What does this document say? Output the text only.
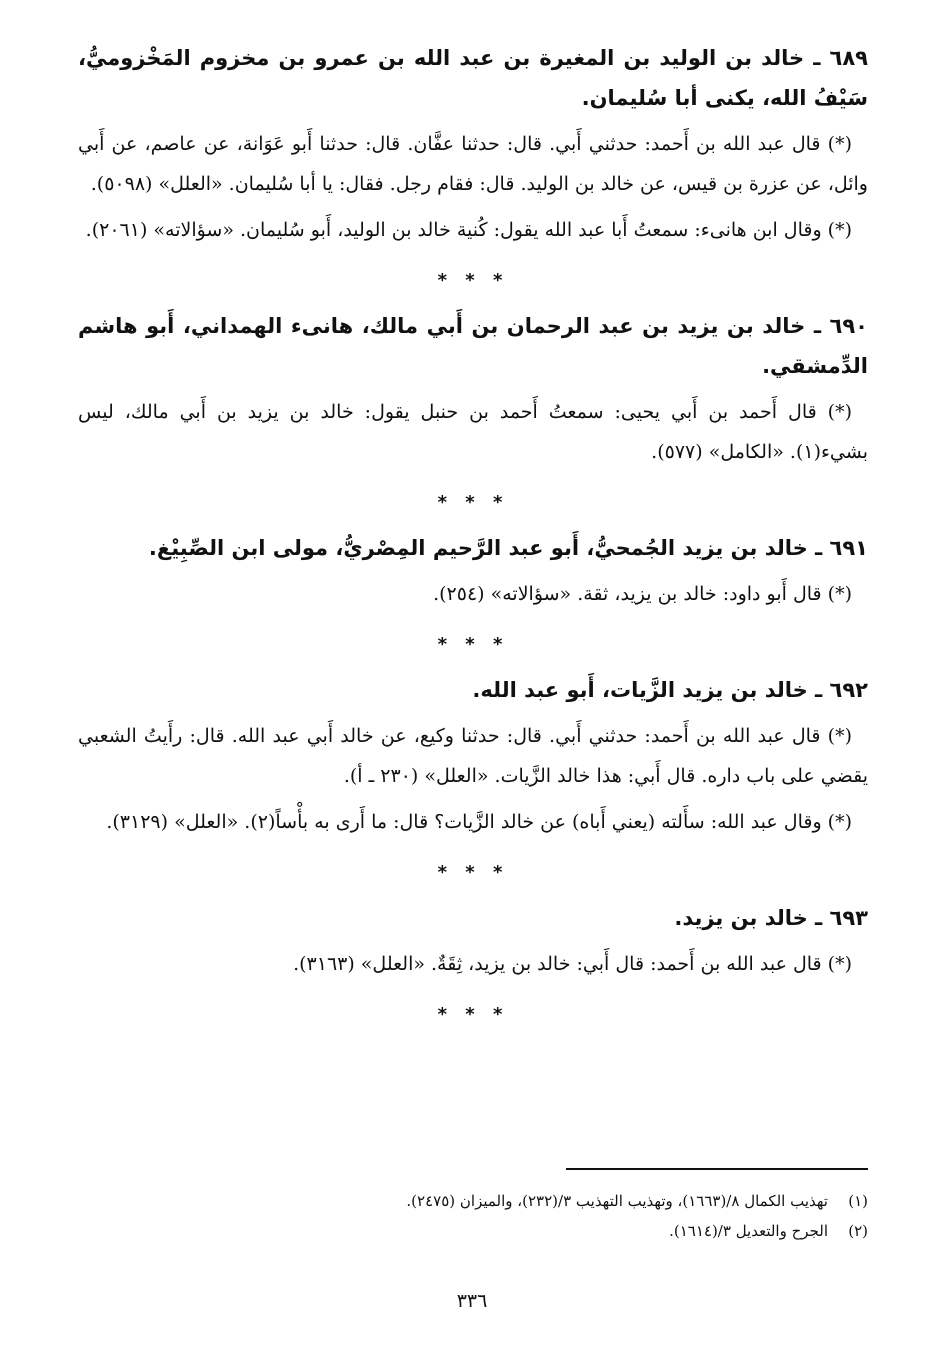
٦٨٩ ـ خالد بن الوليد بن المغيرة بن عبد الله بن عمرو بن مخزوم المَخْزوميُّ، سَيْفُ الله، يكنى أبا سُليمان.

(*) قال عبد الله بن أَحمد: حدثني أَبي. قال: حدثنا عفَّان. قال: حدثنا أَبو عَوَانة، عن عاصم، عن أَبي وائل، عن عزرة بن قيس، عن خالد بن الوليد. قال: فقام رجل. فقال: يا أبا سُليمان. «العلل» (٥٠٩٨).

(*) وقال ابن هانىء: سمعتُ أَبا عبد الله يقول: كُنية خالد بن الوليد، أَبو سُليمان. «سؤالاته» (٢٠٦١).

* * *

٦٩٠ ـ خالد بن يزيد بن عبد الرحمان بن أَبي مالك، هانىء الهمداني، أَبو هاشم الدِّمشقي.

(*) قال أَحمد بن أَبي يحيى: سمعتُ أَحمد بن حنبل يقول: خالد بن يزيد بن أَبي مالك، ليس بشيء(١). «الكامل» (٥٧٧).

* * *

٦٩١ ـ خالد بن يزيد الجُمحيُّ، أَبو عبد الرَّحيم المِصْريُّ، مولى ابن الصِّبِيْغ.

(*) قال أَبو داود: خالد بن يزيد، ثقة. «سؤالاته» (٢٥٤).

* * *

٦٩٢ ـ خالد بن يزيد الزَّيات، أَبو عبد الله.

(*) قال عبد الله بن أَحمد: حدثني أَبي. قال: حدثنا وكيع، عن خالد أَبي عبد الله. قال: رأَيتُ الشعبي يقضي على باب داره. قال أَبي: هذا خالد الزَّيات. «العلل» (٢٣٠ ـ أ).

(*) وقال عبد الله: سأَلته (يعني أَباه) عن خالد الزَّيات؟ قال: ما أَرى به بأْساً(٢). «العلل» (٣١٢٩).

* * *

٦٩٣ ـ خالد بن يزيد.

(*) قال عبد الله بن أَحمد: قال أَبي: خالد بن يزيد، ثِقَةٌ. «العلل» (٣١٦٣).

* * *

(١)تهذيب الكمال ٨/(١٦٦٣)، وتهذيب التهذيب ٣/(٢٣٢)، والميزان (٢٤٧٥).

(٢)الجرح والتعديل ٣/(١٦١٤).

٣٣٦
